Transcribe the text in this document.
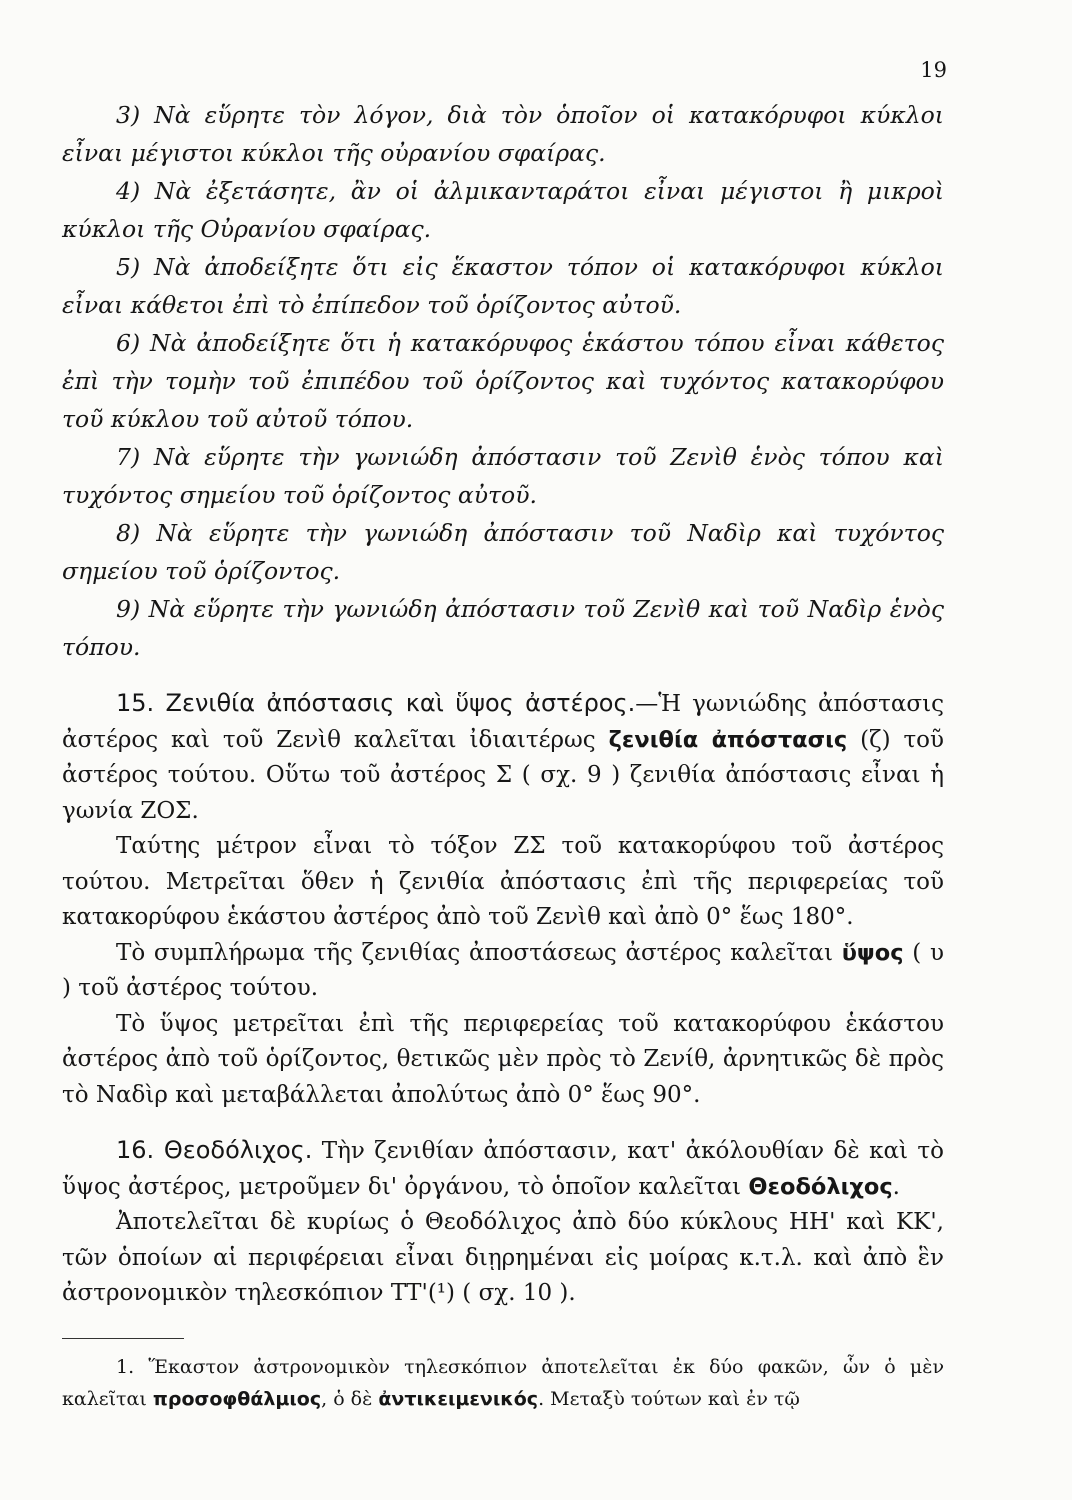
19

3) Νὰ εὕρητε τὸν λόγον, διὰ τὸν ὁποῖον οἱ κατακόρυφοι κύκλοι εἶναι μέγιστοι κύκλοι τῆς οὐρανίου σφαίρας.

4) Νὰ ἐξετάσητε, ἂν οἱ ἀλμικανταράτοι εἶναι μέγιστοι ἢ μικροὶ κύκλοι τῆς Οὐρανίου σφαίρας.

5) Νὰ ἀποδείξητε ὅτι εἰς ἕκαστον τόπον οἱ κατακόρυφοι κύκλοι εἶναι κάθετοι ἐπὶ τὸ ἐπίπεδον τοῦ ὁρίζοντος αὐτοῦ.

6) Νὰ ἀποδείξητε ὅτι ἡ κατακόρυφος ἑκάστου τόπου εἶναι κάθετος ἐπὶ τὴν τομὴν τοῦ ἐπιπέδου τοῦ ὁρίζοντος καὶ τυχόντος κατακορύφου τοῦ κύκλου τοῦ αὐτοῦ τόπου.

7) Νὰ εὕρητε τὴν γωνιώδη ἀπόστασιν τοῦ Ζενὶθ ἑνὸς τόπου καὶ τυχόντος σημείου τοῦ ὁρίζοντος αὐτοῦ.

8) Νὰ εὕρητε τὴν γωνιώδη ἀπόστασιν τοῦ Ναδὶρ καὶ τυχόντος σημείου τοῦ ὁρίζοντος.

9) Νὰ εὕρητε τὴν γωνιώδη ἀπόστασιν τοῦ Ζενὶθ καὶ τοῦ Ναδὶρ ἑνὸς τόπου.

15. Ζενιθία ἀπόστασις καὶ ὕψος ἀστέρος.—Ἡ γωνιώδης ἀπόστασις ἀστέρος καὶ τοῦ Ζενὶθ καλεῖται ἰδιαιτέρως ζενιθία ἀπόστασις (ζ) τοῦ ἀστέρος τούτου. Οὕτω τοῦ ἀστέρος Σ ( σχ. 9 ) ζενιθία ἀπόστασις εἶναι ἡ γωνία ΖΟΣ.

Ταύτης μέτρον εἶναι τὸ τόξον ΖΣ τοῦ κατακορύφου τοῦ ἀστέρος τούτου. Μετρεῖται ὅθεν ἡ ζενιθία ἀπόστασις ἐπὶ τῆς περιφερείας τοῦ κατακορύφου ἑκάστου ἀστέρος ἀπὸ τοῦ Ζενὶθ καὶ ἀπὸ 0° ἕως 180°.

Τὸ συμπλήρωμα τῆς ζενιθίας ἀποστάσεως ἀστέρος καλεῖται ὕψος ( υ ) τοῦ ἀστέρος τούτου.

Τὸ ὕψος μετρεῖται ἐπὶ τῆς περιφερείας τοῦ κατακορύφου ἑκάστου ἀστέρος ἀπὸ τοῦ ὁρίζοντος, θετικῶς μὲν πρὸς τὸ Ζενίθ, ἀρνητικῶς δὲ πρὸς τὸ Ναδὶρ καὶ μεταβάλλεται ἀπολύτως ἀπὸ 0° ἕως 90°.

16. Θεοδόλιχος. Τὴν ζενιθίαν ἀπόστασιν, κατ' ἀκόλουθίαν δὲ καὶ τὸ ὕψος ἀστέρος, μετροῦμεν δι' ὀργάνου, τὸ ὁποῖον καλεῖται Θεοδόλιχος.

Ἀποτελεῖται δὲ κυρίως ὁ Θεοδόλιχος ἀπὸ δύο κύκλους ΗΗ' καὶ ΚΚ', τῶν ὁποίων αἱ περιφέρειαι εἶναι διῃρημέναι εἰς μοίρας κ.τ.λ. καὶ ἀπὸ ἓν ἀστρονομικὸν τηλεσκόπιον ΤΤ'(¹) ( σχ. 10 ).

1. Ἕκαστον ἀστρονομικὸν τηλεσκόπιον ἀποτελεῖται ἐκ δύο φακῶν, ὧν ὁ μὲν καλεῖται προσοφθάλμιος, ὁ δὲ ἀντικειμενικός. Μεταξὺ τούτων καὶ ἐν τῷ
